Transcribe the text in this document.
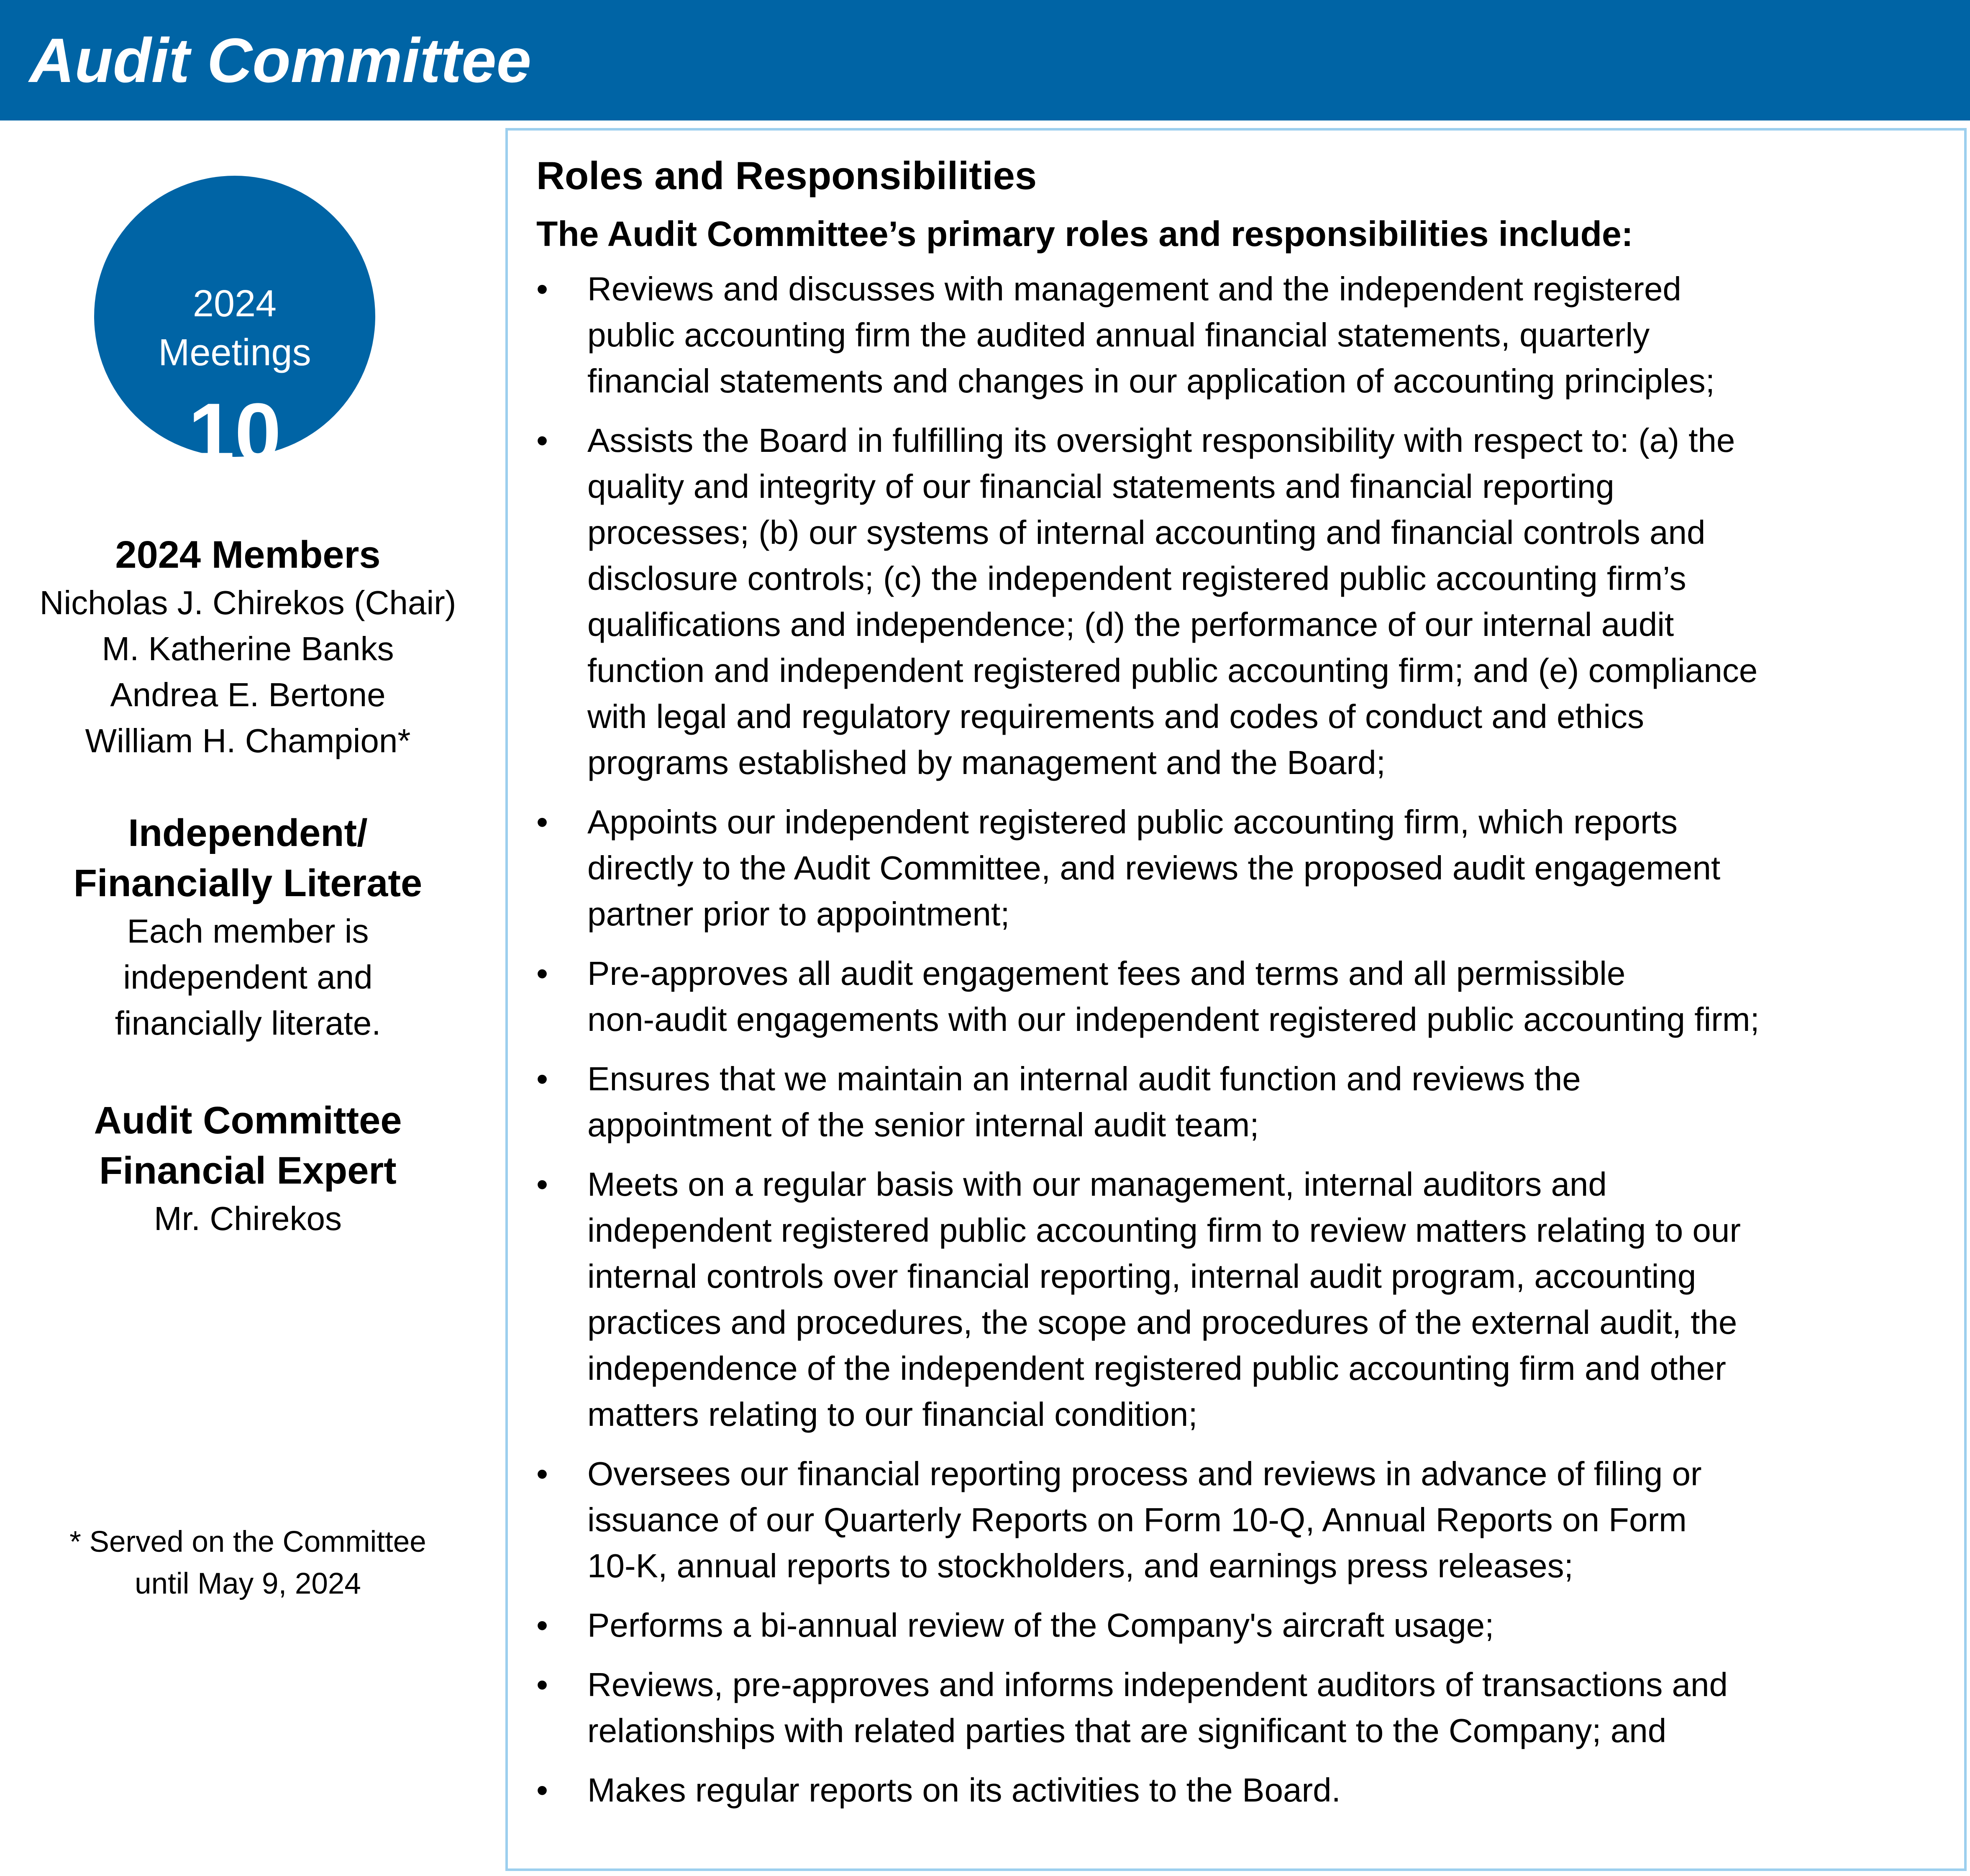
Audit Committee
2024
Meetings
10
2024 Members
Nicholas J. Chirekos (Chair)
M. Katherine Banks
Andrea E. Bertone
William H. Champion*
Independent/
Financially Literate
Each member is
independent and
financially literate.
Audit Committee
Financial Expert
Mr. Chirekos
* Served on the Committee
until May 9, 2024
Roles and Responsibilities

The Audit Committee’s primary roles and responsibilities include:

• Reviews and discusses with management and the independent registered
public accounting firm the audited annual financial statements, quarterly
financial statements and changes in our application of accounting principles;
• Assists the Board in fulfilling its oversight responsibility with respect to: (a) the
quality and integrity of our financial statements and financial reporting
processes; (b) our systems of internal accounting and financial controls and
disclosure controls; (c) the independent registered public accounting firm’s
qualifications and independence; (d) the performance of our internal audit
function and independent registered public accounting firm; and (e) compliance
with legal and regulatory requirements and codes of conduct and ethics
programs established by management and the Board;
• Appoints our independent registered public accounting firm, which reports
directly to the Audit Committee, and reviews the proposed audit engagement
partner prior to appointment;
• Pre-approves all audit engagement fees and terms and all permissible
non-audit engagements with our independent registered public accounting firm;
• Ensures that we maintain an internal audit function and reviews the
appointment of the senior internal audit team;
• Meets on a regular basis with our management, internal auditors and
independent registered public accounting firm to review matters relating to our
internal controls over financial reporting, internal audit program, accounting
practices and procedures, the scope and procedures of the external audit, the
independence of the independent registered public accounting firm and other
matters relating to our financial condition;
• Oversees our financial reporting process and reviews in advance of filing or
issuance of our Quarterly Reports on Form 10-Q, Annual Reports on Form
10-K, annual reports to stockholders, and earnings press releases;
• Performs a bi-annual review of the Company's aircraft usage;
• Reviews, pre-approves and informs independent auditors of transactions and
relationships with related parties that are significant to the Company; and
• Makes regular reports on its activities to the Board.
